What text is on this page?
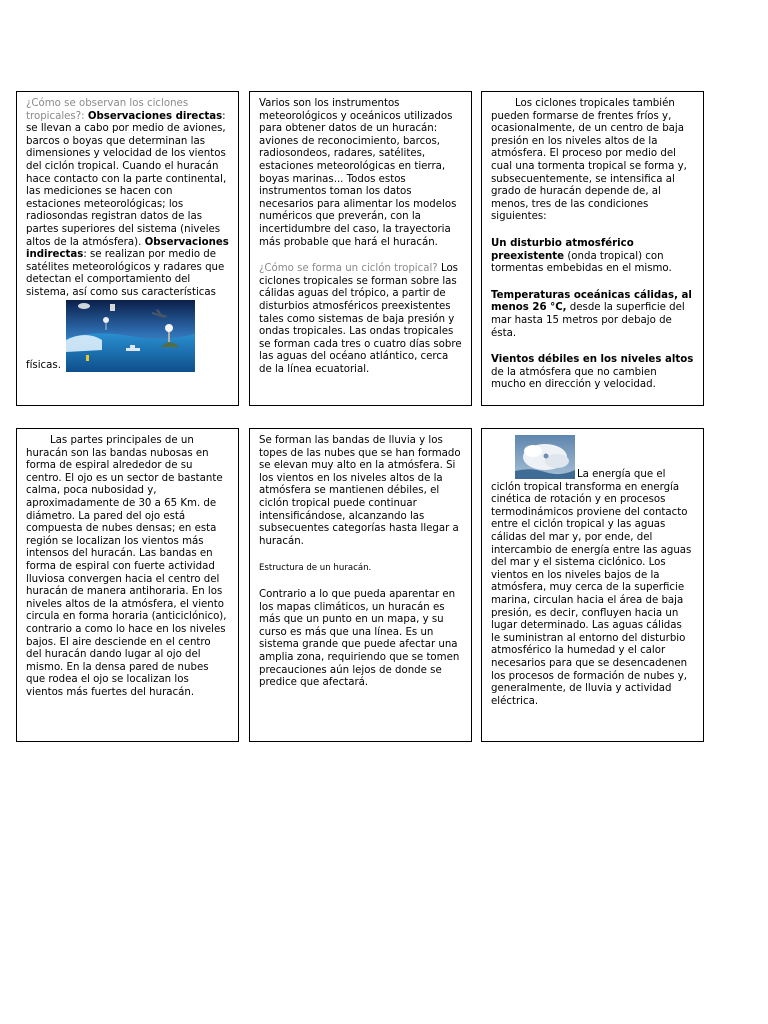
¿Cómo se observan los ciclones tropicales?: Observaciones directas: se llevan a cabo por medio de aviones, barcos o boyas que determinan las dimensiones y velocidad de los vientos del ciclón tropical. Cuando el huracán hace contacto con la parte continental, las mediciones se hacen con estaciones meteorológicas; los radiosondas registran datos de las partes superiores del sistema (niveles altos de la atmósfera). Observaciones indirectas: se realizan por medio de satélites meteorológicos y radares que detectan el comportamiento del sistema, así como sus características

físicas.

Varios son los instrumentos meteorológicos y oceánicos utilizados para obtener datos de un huracán: aviones de reconocimiento, barcos, radiosondeos, radares, satélites, estaciones meteorológicas en tierra, boyas marinas... Todos estos instrumentos toman los datos necesarios para alimentar los modelos numéricos que preverán, con la incertidumbre del caso, la trayectoria más probable que hará el huracán.

¿Cómo se forma un ciclón tropical? Los ciclones tropicales se forman sobre las cálidas aguas del trópico, a partir de disturbios atmosféricos preexistentes tales como sistemas de baja presión y ondas tropicales. Las ondas tropicales se forman cada tres o cuatro días sobre las aguas del océano atlántico, cerca de la línea ecuatorial.

Los ciclones tropicales también pueden formarse de frentes fríos y, ocasionalmente, de un centro de baja presión en los niveles altos de la atmósfera. El proceso por medio del cual una tormenta tropical se forma y, subsecuentemente, se intensifica al grado de huracán depende de, al menos, tres de las condiciones siguientes:

Un disturbio atmosférico preexistente (onda tropical) con tormentas embebidas en el mismo.

Temperaturas oceánicas cálidas, al menos 26 °C, desde la superficie del mar hasta 15 metros por debajo de ésta.

Vientos débiles en los niveles altos de la atmósfera que no cambien mucho en dirección y velocidad.

Las partes principales de un huracán son las bandas nubosas en forma de espiral alrededor de su centro. El ojo es un sector de bastante calma, poca nubosidad y, aproximadamente de 30 a 65 Km. de diámetro. La pared del ojo está compuesta de nubes densas; en esta región se localizan los vientos más intensos del huracán. Las bandas en forma de espiral con fuerte actividad lluviosa convergen hacia el centro del huracán de manera antihoraria. En los niveles altos de la atmósfera, el viento circula en forma horaria (anticiclónico), contrario a como lo hace en los niveles bajos. El aire desciende en el centro del huracán dando lugar al ojo del mismo. En la densa pared de nubes que rodea el ojo se localizan los vientos más fuertes del huracán.

Se forman las bandas de lluvia y los topes de las nubes que se han formado se elevan muy alto en la atmósfera. Si los vientos en los niveles altos de la atmósfera se mantienen débiles, el ciclón tropical puede continuar intensificándose, alcanzando las subsecuentes categorías hasta llegar a huracán.

Estructura de un huracán.

Contrario a lo que pueda aparentar en los mapas climáticos, un huracán es más que un punto en un mapa, y su curso es más que una línea. Es un sistema grande que puede afectar una amplia zona, requiriendo que se tomen precauciones aún lejos de donde se predice que afectará.

La energía que el ciclón tropical transforma en energía cinética de rotación y en procesos termodinámicos proviene del contacto entre el ciclón tropical y las aguas cálidas del mar y, por ende, del intercambio de energía entre las aguas del mar y el sistema ciclónico. Los vientos en los niveles bajos de la atmósfera, muy cerca de la superficie marina, circulan hacia el área de baja presión, es decir, confluyen hacia un lugar determinado. Las aguas cálidas le suministran al entorno del disturbio atmosférico la humedad y el calor necesarios para que se desencadenen los procesos de formación de nubes y, generalmente, de lluvia y actividad eléctrica.
